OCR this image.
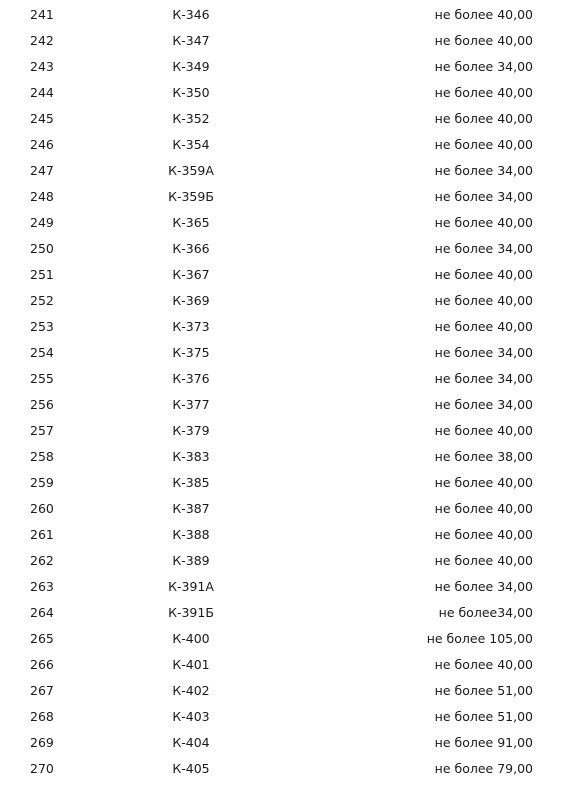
241	К-346	не более 40,00
242	К-347	не более 40,00
243	К-349	не более 34,00
244	К-350	не более 40,00
245	К-352	не более 40,00
246	К-354	не более 40,00
247	К-359А	не более 34,00
248	К-359Б	не более 34,00
249	К-365	не более 40,00
250	К-366	не более 34,00
251	К-367	не более 40,00
252	К-369	не более 40,00
253	К-373	не более 40,00
254	К-375	не более 34,00
255	К-376	не более 34,00
256	К-377	не более 34,00
257	К-379	не более 40,00
258	К-383	не более 38,00
259	К-385	не более 40,00
260	К-387	не более 40,00
261	К-388	не более 40,00
262	К-389	не более 40,00
263	К-391А	не более 34,00
264	К-391Б	не более34,00
265	К-400	не более 105,00
266	К-401	не более 40,00
267	К-402	не более 51,00
268	К-403	не более 51,00
269	К-404	не более 91,00
270	К-405	не более 79,00
